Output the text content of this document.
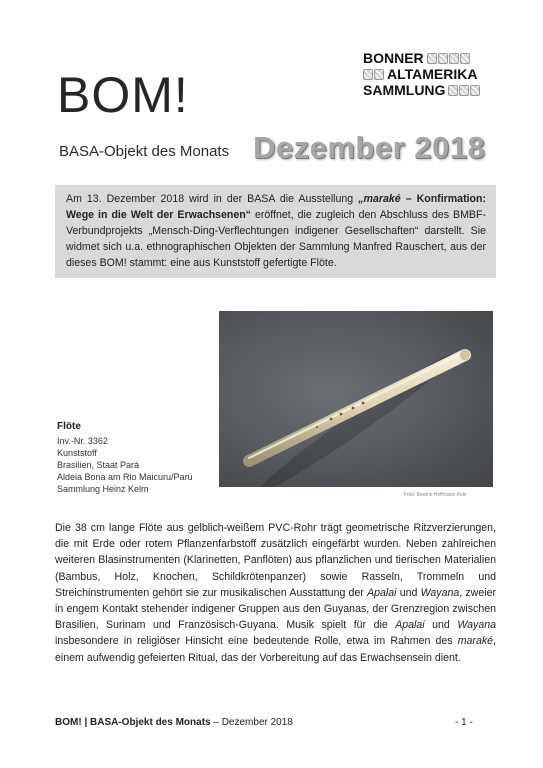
BOM!
BASA-Objekt des Monats
BONNER
ALTAMERIKA
SAMMLUNG
Dezember 2018
Am 13. Dezember 2018 wird in der BASA die Ausstellung „maraké – Konfirmation: Wege in die Welt der Erwachsenen“ eröffnet, die zugleich den Abschluss des BMBF-Verbundprojekts „Mensch-Ding-Verflechtungen indigener Gesellschaften“ darstellt. Sie widmet sich u.a. ethnographischen Objekten der Sammlung Manfred Rauschert, aus der dieses BOM! stammt: eine aus Kunststoff gefertigte Flöte.
Foto: Beatrix Hoffmann-Ihde
Flöte
Inv.-Nr. 3362
Kunststoff
Brasilien, Staat Pará
Aldeia Bona am Rio Maicuru/Parú
Sammlung Heinz Kelm
Die 38 cm lange Flöte aus gelblich-weißem PVC-Rohr trägt geometrische Ritzverzierungen, die mit Erde oder rotem Pflanzenfarbstoff zusätzlich eingefärbt wurden. Neben zahlreichen weiteren Blasinstrumenten (Klarinetten, Panflöten) aus pflanzlichen und tierischen Materialien (Bambus, Holz, Knochen, Schildkrötenpanzer) sowie Rasseln, Trommeln und Streichinstrumenten gehört sie zur musikalischen Ausstattung der Apalai und Wayana, zweier in engem Kontakt stehender indigener Gruppen aus den Guyanas, der Grenzregion zwischen Brasilien, Surinam und Französisch-Guyana. Musik spielt für die Apalai und Wayana insbesondere in religiöser Hinsicht eine bedeutende Rolle, etwa im Rahmen des maraké, einem aufwendig gefeierten Ritual, das der Vorbereitung auf das Erwachsensein dient.
BOM! | BASA-Objekt des Monats – Dezember 2018	- 1 -
